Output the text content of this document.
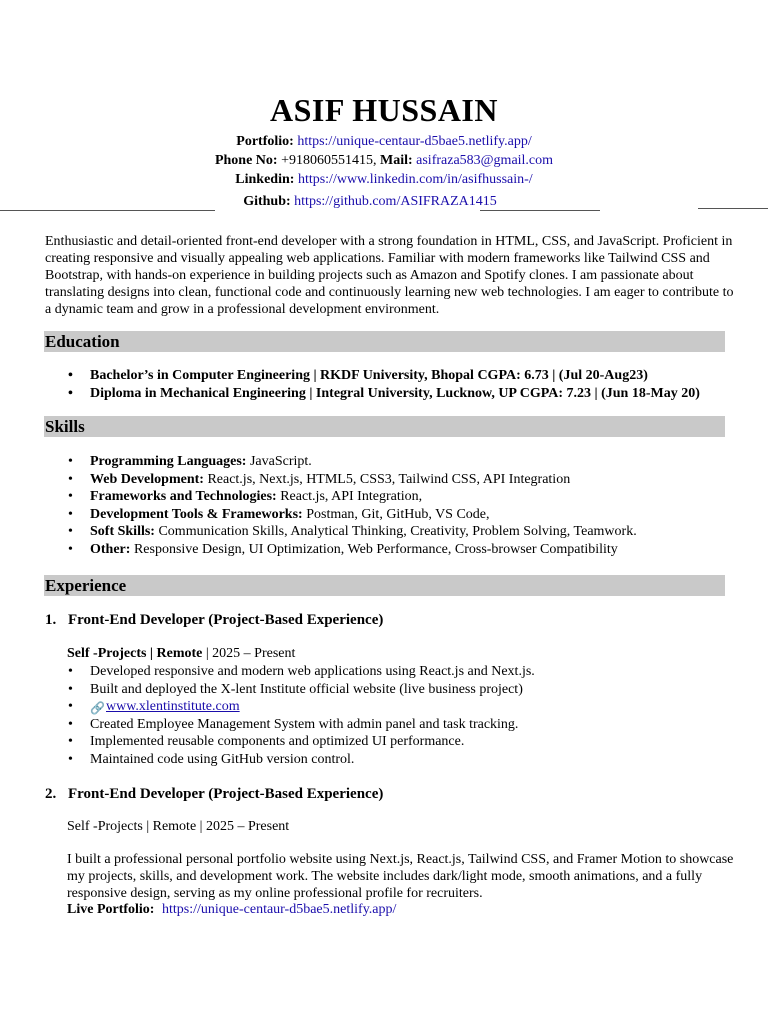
ASIF HUSSAIN
Portfolio: https://unique-centaur-d5bae5.netlify.app/
Phone No: +918060551415, Mail: asifraza583@gmail.com
Linkedin: https://www.linkedin.com/in/asifhussain-/
Github: https://github.com/ASIFRAZA1415
Enthusiastic and detail-oriented front-end developer with a strong foundation in HTML, CSS, and JavaScript. Proficient in creating responsive and visually appealing web applications. Familiar with modern frameworks like Tailwind CSS and Bootstrap, with hands-on experience in building projects such as Amazon and Spotify clones. I am passionate about translating designs into clean, functional code and continuously learning new web technologies. I am eager to contribute to a dynamic team and grow in a professional development environment.
Education
• Bachelor’s in Computer Engineering | RKDF University, Bhopal CGPA: 6.73 | (Jul 20-Aug23)
• Diploma in Mechanical Engineering | Integral University, Lucknow, UP CGPA: 7.23 | (Jun 18-May 20)
Skills
• Programming Languages: JavaScript.
• Web Development: React.js, Next.js, HTML5, CSS3, Tailwind CSS, API Integration
• Frameworks and Technologies: React.js, API Integration,
• Development Tools & Frameworks: Postman, Git, GitHub, VS Code,
• Soft Skills: Communication Skills, Analytical Thinking, Creativity, Problem Solving, Teamwork.
• Other: Responsive Design, UI Optimization, Web Performance, Cross-browser Compatibility
Experience
1. Front-End Developer (Project-Based Experience)
Self -Projects | Remote | 2025 – Present
• Developed responsive and modern web applications using React.js and Next.js.
• Built and deployed the X-lent Institute official website (live business project)
• 🔗 www.xlentinstitute.com
• Created Employee Management System with admin panel and task tracking.
• Implemented reusable components and optimized UI performance.
• Maintained code using GitHub version control.
2. Front-End Developer (Project-Based Experience)
Self -Projects | Remote | 2025 – Present
I built a professional personal portfolio website using Next.js, React.js, Tailwind CSS, and Framer Motion to showcase my projects, skills, and development work. The website includes dark/light mode, smooth animations, and a fully responsive design, serving as my online professional profile for recruiters.
Live Portfolio: https://unique-centaur-d5bae5.netlify.app/
